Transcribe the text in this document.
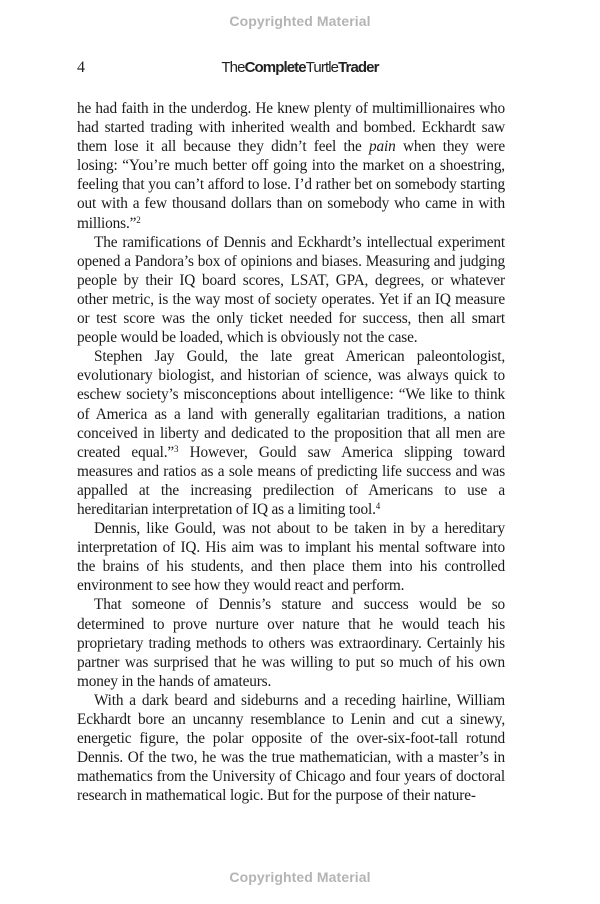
Copyrighted Material
4	TheCompleteTurtleTrader

he had faith in the underdog. He knew plenty of multimillionaires who had started trading with inherited wealth and bombed. Eckhardt saw them lose it all because they didn’t feel the pain when they were losing: “You’re much better off going into the market on a shoestring, feeling that you can’t afford to lose. I’d rather bet on somebody starting out with a few thousand dollars than on somebody who came in with millions.”$^2$

The ramifications of Dennis and Eckhardt’s intellectual experiment opened a Pandora’s box of opinions and biases. Measuring and judging people by their IQ board scores, LSAT, GPA, degrees, or whatever other metric, is the way most of society operates. Yet if an IQ measure or test score was the only ticket needed for success, then all smart people would be loaded, which is obviously not the case.

Stephen Jay Gould, the late great American paleontologist, evolutionary biologist, and historian of science, was always quick to eschew society’s misconceptions about intelligence: “We like to think of America as a land with generally egalitarian traditions, a nation conceived in liberty and dedicated to the proposition that all men are created equal.”$^3$ However, Gould saw America slipping toward measures and ratios as a sole means of predicting life success and was appalled at the increasing predilection of Americans to use a hereditarian interpretation of IQ as a limiting tool.$^4$

Dennis, like Gould, was not about to be taken in by a hereditary interpretation of IQ. His aim was to implant his mental software into the brains of his students, and then place them into his controlled environment to see how they would react and perform.

That someone of Dennis’s stature and success would be so determined to prove nurture over nature that he would teach his proprietary trading methods to others was extraordinary. Certainly his partner was surprised that he was willing to put so much of his own money in the hands of amateurs.

With a dark beard and sideburns and a receding hairline, William Eckhardt bore an uncanny resemblance to Lenin and cut a sinewy, energetic figure, the polar opposite of the over-six-foot-tall rotund Dennis. Of the two, he was the true mathematician, with a master’s in mathematics from the University of Chicago and four years of doctoral research in mathematical logic. But for the purpose of their nature-

Copyrighted Material
